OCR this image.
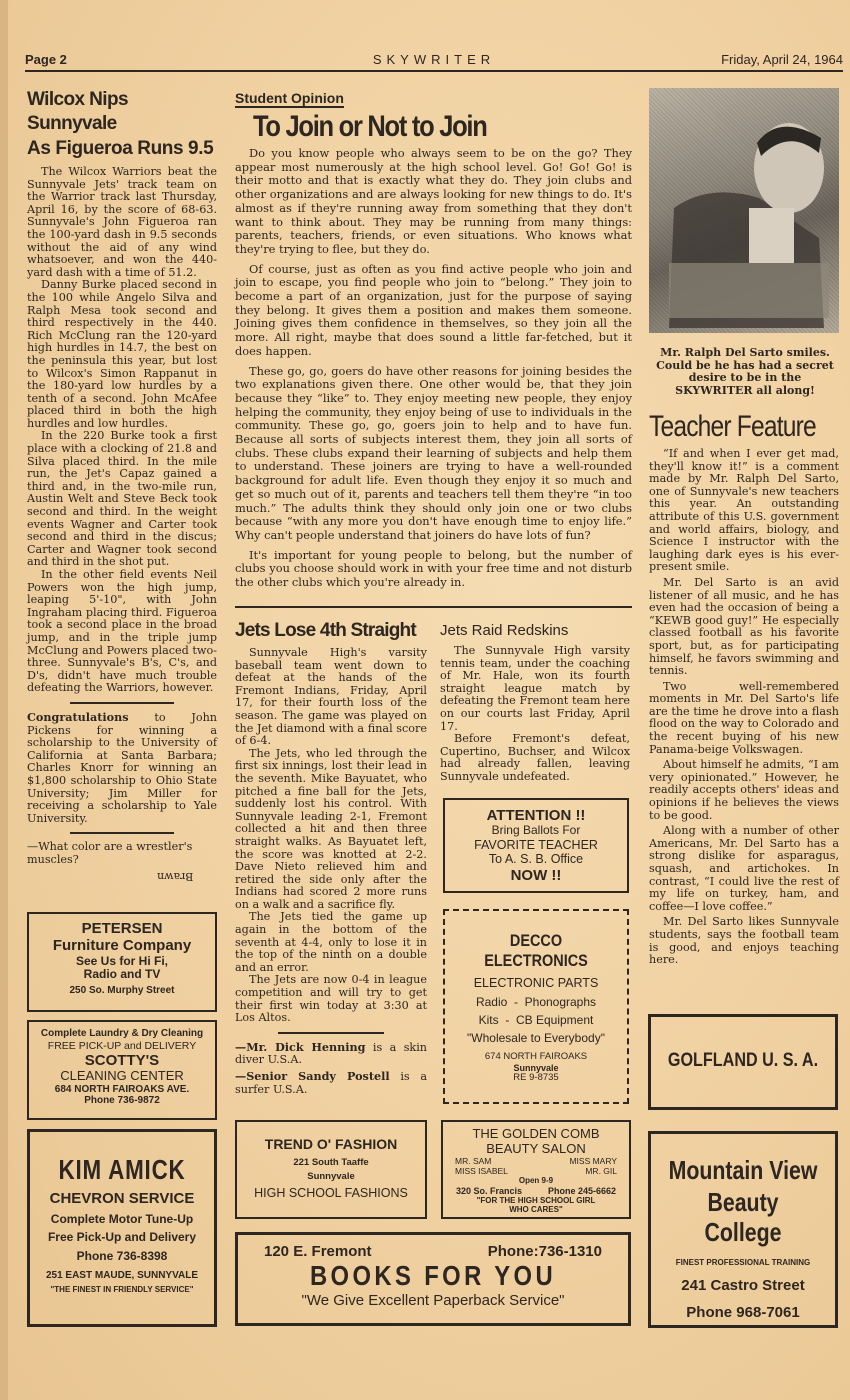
Page 2	SKYWRITER	Friday, April 24, 1964
Wilcox Nips Sunnyvale
As Figueroa Runs 9.5

The Wilcox Warriors beat the Sunnyvale Jets' track team on the Warrior track last Thursday, April 16, by the score of 68-63. Sunnyvale's John Figueroa ran the 100-yard dash in 9.5 seconds without the aid of any wind whatsoever, and won the 440-yard dash with a time of 51.2.

Danny Burke placed second in the 100 while Angelo Silva and Ralph Mesa took second and third respectively in the 440. Rich McClung ran the 120-yard high hurdles in 14.7, the best on the peninsula this year, but lost to Wilcox's Simon Rappanut in the 180-yard low hurdles by a tenth of a second. John McAfee placed third in both the high hurdles and low hurdles.

In the 220 Burke took a first place with a clocking of 21.8 and Silva placed third. In the mile run, the Jet's Capaz gained a third and, in the two-mile run, Austin Welt and Steve Beck took second and third. In the weight events Wagner and Carter took second and third in the discus; Carter and Wagner took second and third in the shot put.

In the other field events Neil Powers won the high jump, leaping 5'-10", with John Ingraham placing third. Figueroa took a second place in the broad jump, and in the triple jump McClung and Powers placed two-three. Sunnyvale's B's, C's, and D's, didn't have much trouble defeating the Warriors, however.

Congratulations to John Pickens for winning a scholarship to the University of California at Santa Barbara; Charles Knorr for winning an $1,800 scholarship to Ohio State University; Jim Miller for receiving a scholarship to Yale University.
—What color are a wrestler's muscles?
Brawn
PETERSEN
Furniture Company
See Us for Hi Fi,
Radio and TV
250 So. Murphy Street
Complete Laundry & Dry Cleaning
FREE PICK-UP and DELIVERY
SCOTTY'S
CLEANING CENTER
684 NORTH FAIROAKS AVE.
Phone 736-9872
KIM AMICK
CHEVRON SERVICE
Complete Motor Tune-Up
Free Pick-Up and Delivery
Phone 736-8398
251 EAST MAUDE, SUNNYVALE
"THE FINEST IN FRIENDLY SERVICE"
Student Opinion
To Join or Not to Join

Do you know people who always seem to be on the go? They appear most numerously at the high school level. Go! Go! Go! is their motto and that is exactly what they do. They join clubs and other organizations and are always looking for new things to do. It's almost as if they're running away from something that they don't want to think about. They may be running from many things: parents, teachers, friends, or even situations. Who knows what they're trying to flee, but they do.

Of course, just as often as you find active people who join and join to escape, you find people who join to “belong.” They join to become a part of an organization, just for the purpose of saying they belong. It gives them a position and makes them someone. Joining gives them confidence in themselves, so they join all the more. All right, maybe that does sound a little far-fetched, but it does happen.

These go, go, goers do have other reasons for joining besides the two explanations given there. One other would be, that they join because they “like” to. They enjoy meeting new people, they enjoy helping the community, they enjoy being of use to individuals in the community. These go, go, goers join to help and to have fun. Because all sorts of subjects interest them, they join all sorts of clubs. These clubs expand their learning of subjects and help them to understand. These joiners are trying to have a well-rounded background for adult life. Even though they enjoy it so much and get so much out of it, parents and teachers tell them they're “in too much.” The adults think they should only join one or two clubs because “with any more you don't have enough time to enjoy life.” Why can't people understand that joiners do have lots of fun?

It's important for young people to belong, but the number of clubs you choose should work in with your free time and not disturb the other clubs which you're already in.

Jets Lose 4th Straight

Sunnyvale High's varsity baseball team went down to defeat at the hands of the Fremont Indians, Friday, April 17, for their fourth loss of the season. The game was played on the Jet diamond with a final score of 6-4.

The Jets, who led through the first six innings, lost their lead in the seventh. Mike Bayuatet, who pitched a fine ball for the Jets, suddenly lost his control. With Sunnyvale leading 2-1, Fremont collected a hit and then three straight walks. As Bayuatet left, the score was knotted at 2-2. Dave Nieto relieved him and retired the side only after the Indians had scored 2 more runs on a walk and a sacrifice fly.

The Jets tied the game up again in the bottom of the seventh at 4-4, only to lose it in the top of the ninth on a double and an error.

The Jets are now 0-4 in league competition and will try to get their first win today at 3:30 at Los Altos.

—Mr. Dick Henning is a skin diver U.S.A.
—Senior Sandy Postell is a surfer U.S.A.
Jets Raid Redskins

The Sunnyvale High varsity tennis team, under the coaching of Mr. Hale, won its fourth straight league match by defeating the Fremont team here on our courts last Friday, April 17.

Before Fremont's defeat, Cupertino, Buchser, and Wilcox had already fallen, leaving Sunnyvale undefeated.

ATTENTION !!
Bring Ballots For
FAVORITE TEACHER
To A. S. B. Office
NOW !!
DECCO ELECTRONICS
ELECTRONIC PARTS
Radio  -  Phonographs
Kits  -  CB Equipment
"Wholesale to Everybody"
674 NORTH FAIROAKS
Sunnyvale
RE 9-8735
TREND O' FASHION
221 South Taaffe
Sunnyvale
HIGH SCHOOL FASHIONS
THE GOLDEN COMB
BEAUTY SALON
MR. SAM	MISS MARY
MISS ISABEL	MR. GIL
Open 9-9
320 So. Francis	Phone 245-6662
"FOR THE HIGH SCHOOL GIRL
WHO CARES"
120 E. Fremont	Phone:736-1310
BOOKS FOR YOU
"We Give Excellent Paperback Service"
Mr. Ralph Del Sarto smiles. Could be he has had a secret desire to be in the SKYWRITER all along!
Teacher Feature

“If and when I ever get mad, they'll know it!” is a comment made by Mr. Ralph Del Sarto, one of Sunnyvale's new teachers this year. An outstanding attribute of this U.S. government and world affairs, biology, and Science I instructor with the laughing dark eyes is his ever-present smile.

Mr. Del Sarto is an avid listener of all music, and he has even had the occasion of being a “KEWB good guy!” He especially classed football as his favorite sport, but, as for participating himself, he favors swimming and tennis.

Two well-remembered moments in Mr. Del Sarto's life are the time he drove into a flash flood on the way to Colorado and the recent buying of his new Panama-beige Volkswagen.

About himself he admits, “I am very opinionated.” However, he readily accepts others' ideas and opinions if he believes the views to be good.

Along with a number of other Americans, Mr. Del Sarto has a strong dislike for asparagus, squash, and artichokes. In contrast, “I could live the rest of my life on turkey, ham, and coffee—I love coffee.”

Mr. Del Sarto likes Sunnyvale students, says the football team is good, and enjoys teaching here.

GOLFLAND U. S. A.
Mountain View
Beauty College
FINEST PROFESSIONAL TRAINING
241 Castro Street
Phone 968-7061
